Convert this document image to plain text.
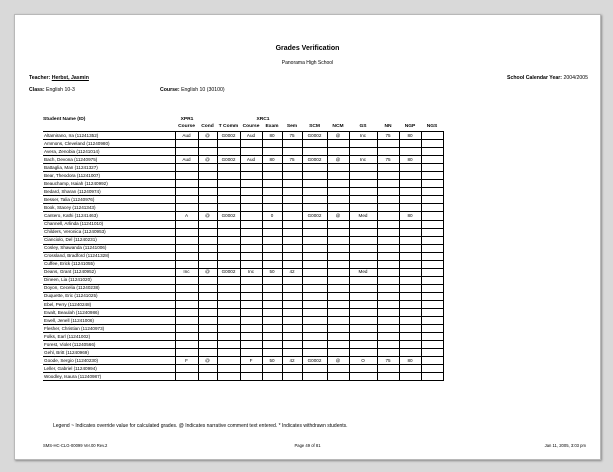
Grades Verification
Panorama High School
Teacher: Herbst, Jasmin	School Calendar Year: 2004/2005
Class: English 10-3	Course: English 10 (30100)
Student Name (ID)	XPR1	XRC1
Course	Cond	T Comm Course	Exam	Sem	SCM	NCM	GS	NN	NGP	NGS
Altamirano, Ira (11241352)	Aud	@	G0002	Aud	80	75	G0002	@	Inc	75	80	
Ammons, Cleveland (11240980)												
Avera, Zenobia (11241014)												
Bach, Devona (11240975)	Aud	@	G0002	Aud	80	75	G0002	@	Inc	75	80	
Battaglia, Man (11241327)												
Bear, Theodora (11241007)												
Beauchamp, Isaiah (11240992)												
Bedard, Sharan (11240974)												
Besser, Talia (11240976)												
Book, Stacey (11241343)												
Cantero, Kathi (11241463)	A	@	G0002		0		G0002	@	Med		80	
Channell, Arlinda (11241010)												
Childers, Veronica (11240953)												
Cianciolo, Del (11240231)												
Cosley, Shawanda (11241006)												
Crossland, Bradford (11241328)												
Cuffee, Erick (11241055)												
Deans, Grant (11240952)	Inc	@	G0002	Inc	50	42			Med			
Dineen, Lia (11241020)												
Doyon, Cecelia (11240238)												
Duquette, Eric (11241025)												
Ebel, Perry (11240248)												
Ewalt, Beaulah (11240986)												
Ewell, Jenell (11241006)												
Flesher, Christian (11240973)												
Folks, Earl (11241002)												
Forest, Violet (11240566)												
Gehl, Britt (11240969)												
Goode, Sergio (11240230)	F	@		F	50	42	G0002	@	O	75	80	
Leller, Gabriel (11240994)												
Woodley, Isaura (11240987)												
Legend ~ Indicates override value for calculated grades. @ Indicates narrative comment text entered. * Indicates withdrawn students.
SMS-HC-CLG-00099 Ver.00 Rev.2	Page 49 of 81	Jan 11, 2005, 3:03 pm
